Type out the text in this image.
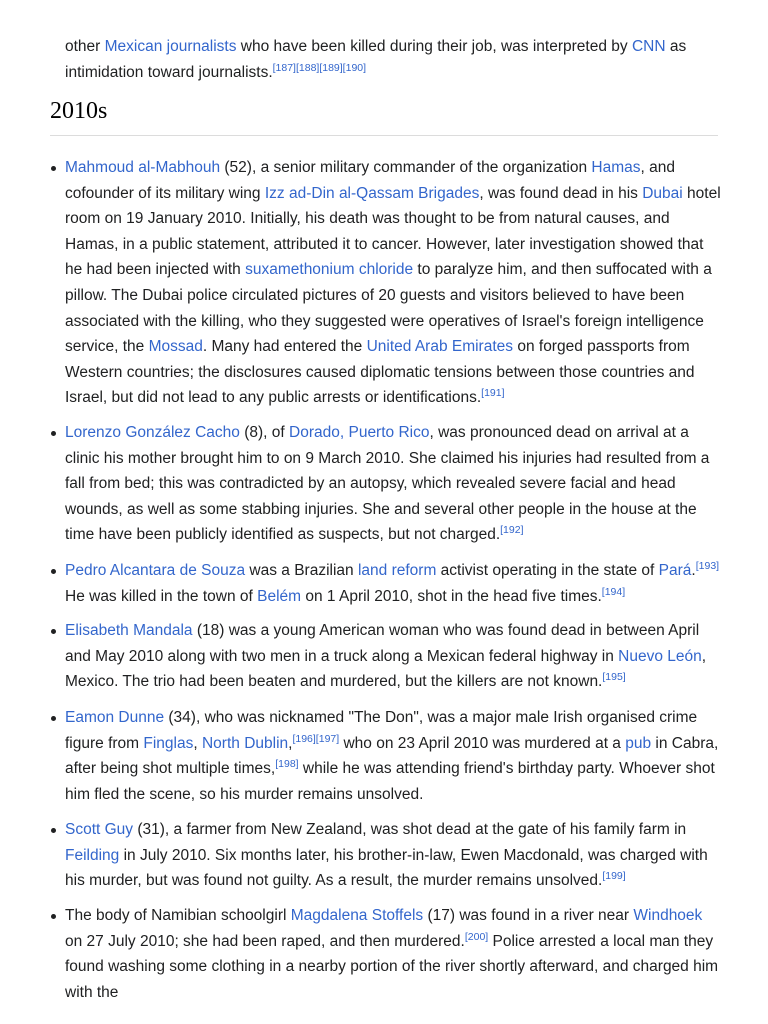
other Mexican journalists who have been killed during their job, was interpreted by CNN as intimidation toward journalists.[187][188][189][190]

2010s
Mahmoud al-Mabhouh (52), a senior military commander of the organization Hamas, and cofounder of its military wing Izz ad-Din al-Qassam Brigades, was found dead in his Dubai hotel room on 19 January 2010. Initially, his death was thought to be from natural causes, and Hamas, in a public statement, attributed it to cancer. However, later investigation showed that he had been injected with suxamethonium chloride to paralyze him, and then suffocated with a pillow. The Dubai police circulated pictures of 20 guests and visitors believed to have been associated with the killing, who they suggested were operatives of Israel's foreign intelligence service, the Mossad. Many had entered the United Arab Emirates on forged passports from Western countries; the disclosures caused diplomatic tensions between those countries and Israel, but did not lead to any public arrests or identifications.[191]
Lorenzo González Cacho (8), of Dorado, Puerto Rico, was pronounced dead on arrival at a clinic his mother brought him to on 9 March 2010. She claimed his injuries had resulted from a fall from bed; this was contradicted by an autopsy, which revealed severe facial and head wounds, as well as some stabbing injuries. She and several other people in the house at the time have been publicly identified as suspects, but not charged.[192]
Pedro Alcantara de Souza was a Brazilian land reform activist operating in the state of Pará.[193] He was killed in the town of Belém on 1 April 2010, shot in the head five times.[194]
Elisabeth Mandala (18) was a young American woman who was found dead in between April and May 2010 along with two men in a truck along a Mexican federal highway in Nuevo León, Mexico. The trio had been beaten and murdered, but the killers are not known.[195]
Eamon Dunne (34), who was nicknamed "The Don", was a major male Irish organised crime figure from Finglas, North Dublin,[196][197] who on 23 April 2010 was murdered at a pub in Cabra, after being shot multiple times,[198] while he was attending friend's birthday party. Whoever shot him fled the scene, so his murder remains unsolved.
Scott Guy (31), a farmer from New Zealand, was shot dead at the gate of his family farm in Feilding in July 2010. Six months later, his brother-in-law, Ewen Macdonald, was charged with his murder, but was found not guilty. As a result, the murder remains unsolved.[199]
The body of Namibian schoolgirl Magdalena Stoffels (17) was found in a river near Windhoek on 27 July 2010; she had been raped, and then murdered.[200] Police arrested a local man they found washing some clothing in a nearby portion of the river shortly afterward, and charged him with the
